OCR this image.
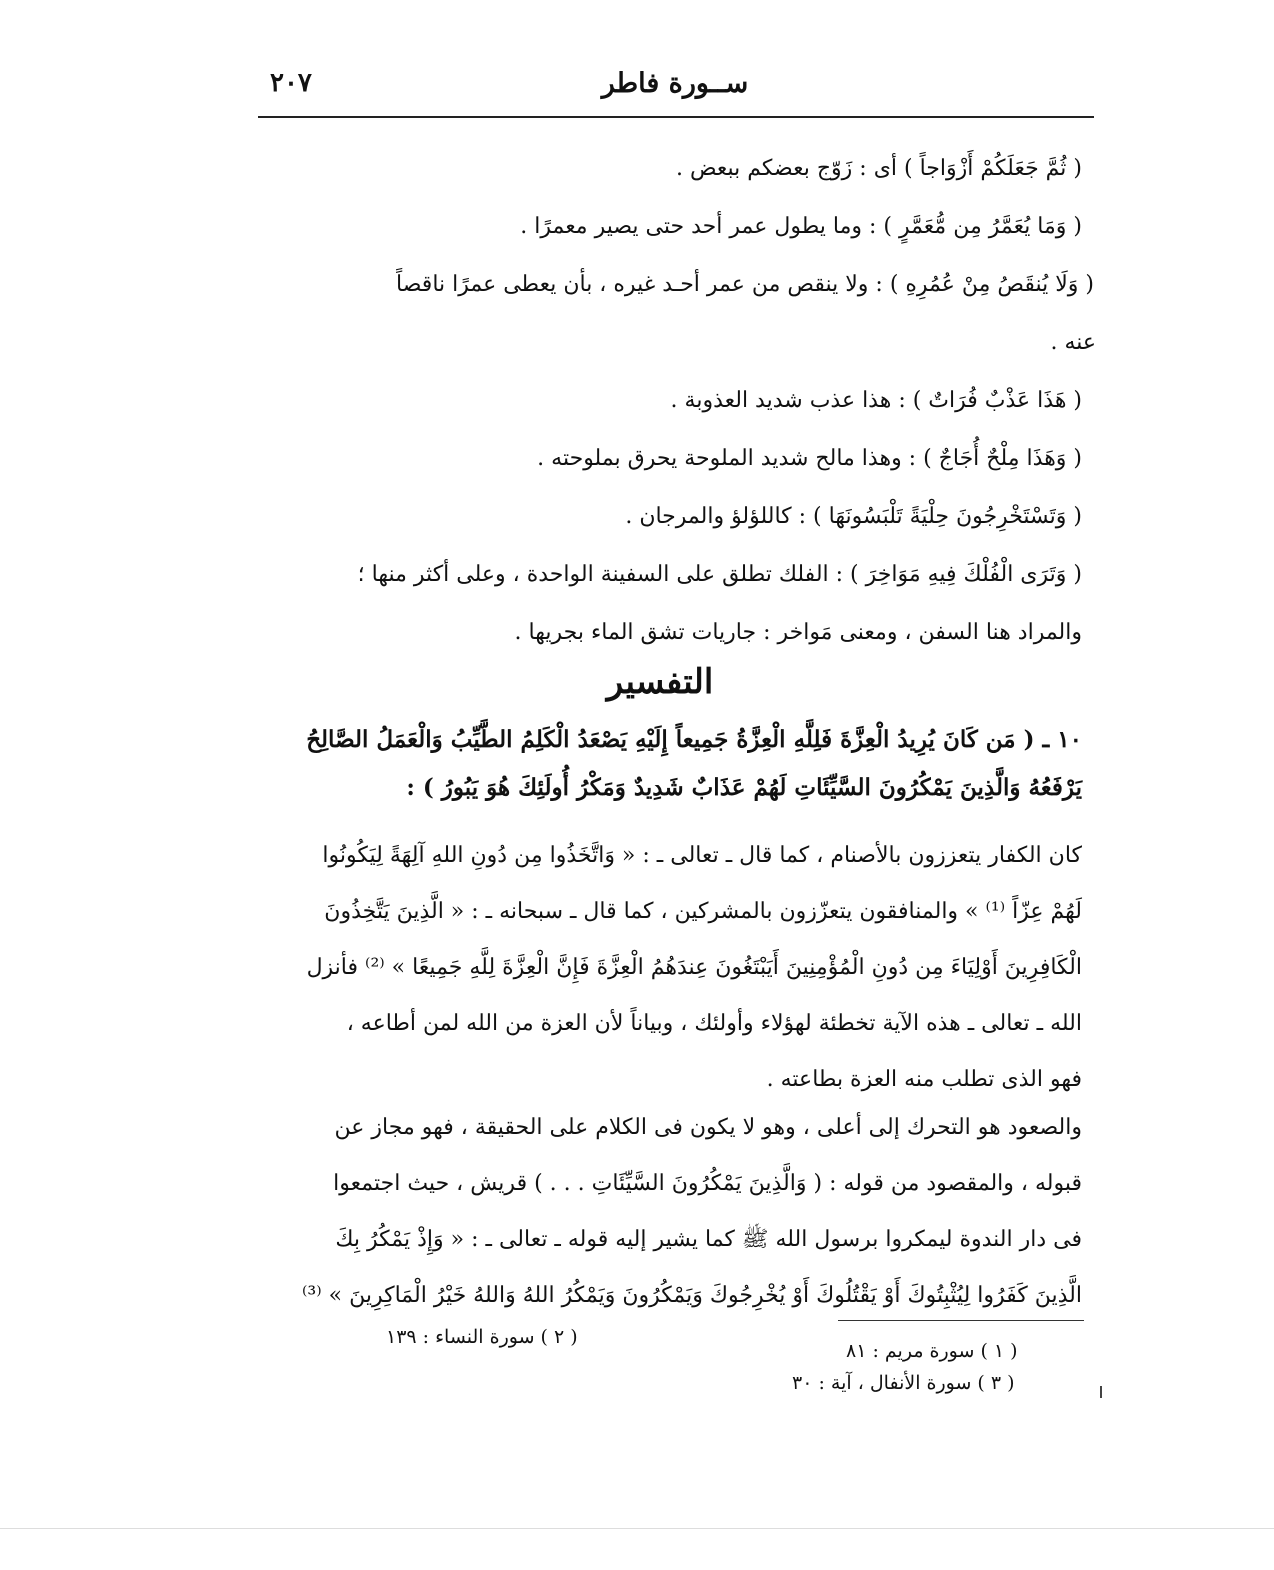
٢٠٧	ســورة فاطر
( ثُمَّ جَعَلَكُمْ أَزْوَاجاً ) أى : زَوّج بعضكم ببعض .
( وَمَا يُعَمَّرُ مِن مُّعَمَّرٍ ) : وما يطول عمر أحد حتى يصير معمرًا .
( وَلَا يُنقَصُ مِنْ عُمُرِهِ ) : ولا ينقص من عمر أحـد غيره ، بأن يعطى عمرًا ناقصاً
عنه .
( هَذَا عَذْبٌ فُرَاتٌ ) : هذا عذب شديد العذوبة .
( وَهَذَا مِلْحٌ أُجَاجٌ ) : وهذا مالح شديد الملوحة يحرق بملوحته .
( وَتَسْتَخْرِجُونَ حِلْيَةً تَلْبَسُونَهَا ) : كاللؤلؤ والمرجان .
( وَتَرَى الْفُلْكَ فِيهِ مَوَاخِرَ ) : الفلك تطلق على السفينة الواحدة ، وعلى أكثر منها ؛
والمراد هنا السفن ، ومعنى مَواخر : جاريات تشق الماء بجريها .
التفسير
١٠ ـ ( مَن كَانَ يُرِيدُ الْعِزَّةَ فَلِلَّهِ الْعِزَّةُ جَمِيعاً إِلَيْهِ يَصْعَدُ الْكَلِمُ الطَّيِّبُ وَالْعَمَلُ الصَّالِحُ
يَرْفَعُهُ وَالَّذِينَ يَمْكُرُونَ السَّيِّئَاتِ لَهُمْ عَذَابٌ شَدِيدٌ وَمَكْرُ أُولَئِكَ هُوَ يَبُورُ ) :
كان الكفار يتعززون بالأصنام ، كما قال ـ تعالى ـ : « وَاتَّخَذُوا مِن دُونِ اللهِ آلِهَةً لِيَكُونُوا
لَهُمْ عِزّاً ⁽¹⁾ » والمنافقون يتعزّزون بالمشركين ، كما قال ـ سبحانه ـ : « الَّذِينَ يَتَّخِذُونَ
الْكَافِرِينَ أَوْلِيَاءَ مِن دُونِ الْمُؤْمِنِينَ أَيَبْتَغُونَ عِندَهُمُ الْعِزَّةَ فَإِنَّ الْعِزَّةَ لِلَّهِ جَمِيعًا » ⁽²⁾ فأنزل
الله ـ تعالى ـ هذه الآية تخطئة لهؤلاء وأولئك ، وبياناً لأن العزة من الله لمن أطاعه ،
فهو الذى تطلب منه العزة بطاعته .
والصعود هو التحرك إلى أعلى ، وهو لا يكون فى الكلام على الحقيقة ، فهو مجاز عن
قبوله ، والمقصود من قوله : ( وَالَّذِينَ يَمْكُرُونَ السَّيِّئَاتِ . . . ) قريش ، حيث اجتمعوا
فى دار الندوة ليمكروا برسول الله ﷺ كما يشير إليه قوله ـ تعالى ـ : « وَإِذْ يَمْكُرُ بِكَ
الَّذِينَ كَفَرُوا لِيُثْبِتُوكَ أَوْ يَقْتُلُوكَ أَوْ يُخْرِجُوكَ وَيَمْكُرُونَ وَيَمْكُرُ اللهُ وَاللهُ خَيْرُ الْمَاكِرِينَ » ⁽³⁾
( ١ ) سورة مريم : ٨١
( ٢ ) سورة النساء : ١٣٩
( ٣ ) سورة الأنفال ، آية : ٣٠
